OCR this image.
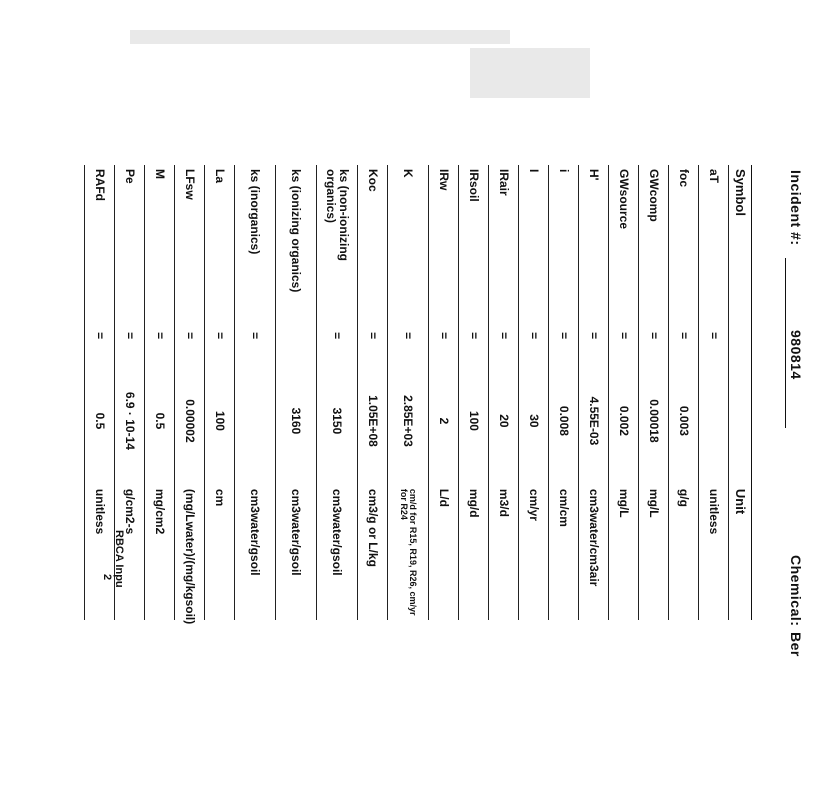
Incident #:
980814
Chemical:
Ber
Symbol			Unit
aT	=		unitless
foc	=	0.003	g/g
GWcomp	=	0.00018	mg/L
GWsource	=	0.002	mg/L
H'	=	4.55E-03	cm3water/cm3air
i	=	0.008	cm/cm
I	=	30	cm/yr
IRair	=	20	m3/d
IRsoil	=	100	mg/d
IRw	=	2	L/d
K	=	2.85E+03	cm/d for R15, R19, R26, cm/yr for R24
Koc	=	1.05E+08	cm3/g or L/kg
ks (non-ionizing organics)	=	3150	cm3water/gsoil
ks (ionizing organics)		3160	cm3water/gsoil
ks (inorganics)	=		cm3water/gsoil
La	=	100	cm
LFsw	=	0.00002	(mg/Lwater)/(mg/kgsoil)
M	=	0.5	mg/cm2
Pe	=	6.9 · 10-14	g/cm2-s
RAFd	=	0.5	unitless
RBCA Inpu
2
